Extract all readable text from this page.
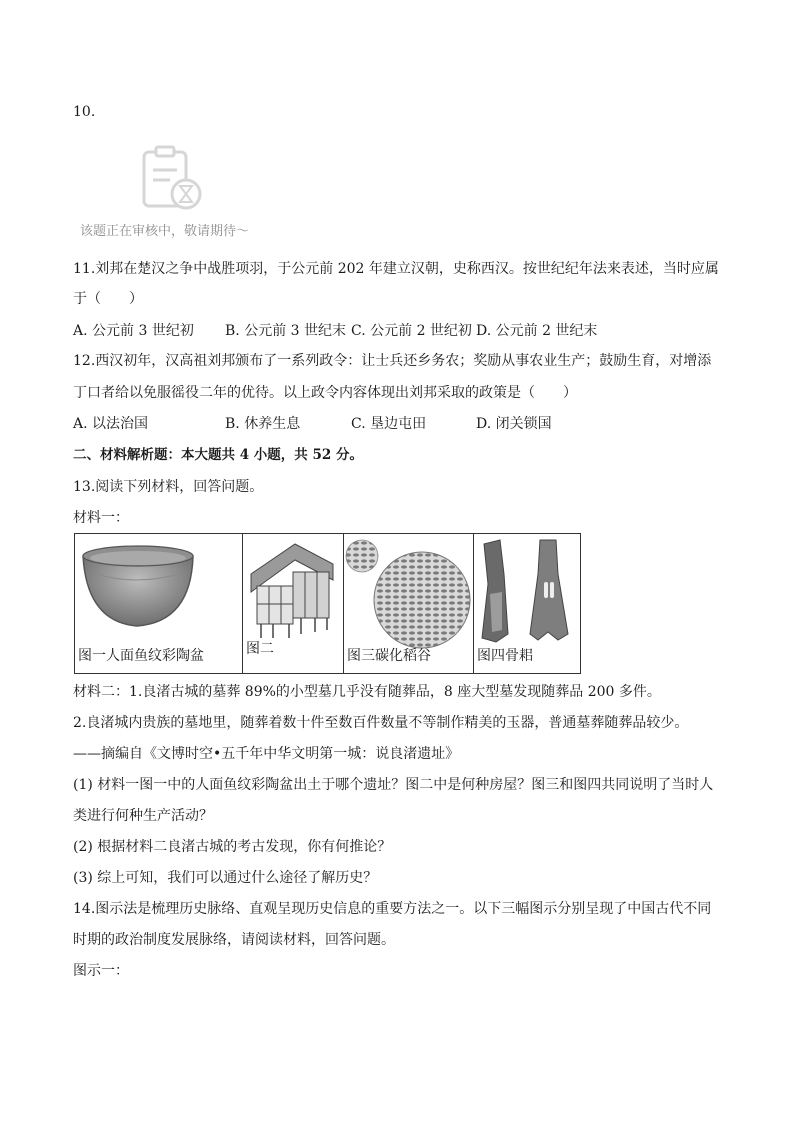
10.
该题正在审核中，敬请期待～
11.刘邦在楚汉之争中战胜项羽，于公元前 202 年建立汉朝，史称西汉。按世纪纪年法来表述，当时应属
于（　　）
A. 公元前 3 世纪初 B. 公元前 3 世纪末 C. 公元前 2 世纪初 D. 公元前 2 世纪末
12.西汉初年，汉高祖刘邦颁布了一系列政令：让士兵还乡务农；奖励从事农业生产；鼓励生育，对增添
丁口者给以免服徭役二年的优待。以上政令内容体现出刘邦采取的政策是（　　）
A. 以法治国	B. 休养生息	C. 垦边屯田	D. 闭关锁国
二、材料解析题：本大题共 4 小题，共 52 分。
13.阅读下列材料，回答问题。
材料一：
图一人面鱼纹彩陶盆	图二	图三碳化稻谷	图四骨耜
材料二：1.良渚古城的墓葬 89%的小型墓几乎没有随葬品，8 座大型墓发现随葬品 200 多件。
2.良渚城内贵族的墓地里，随葬着数十件至数百件数量不等制作精美的玉器，普通墓葬随葬品较少。
——摘编自《文博时空•五千年中华文明第一城：说良渚遗址》
(1) 材料一图一中的人面鱼纹彩陶盆出土于哪个遗址？图二中是何种房屋？图三和图四共同说明了当时人
类进行何种生产活动？
(2) 根据材料二良渚古城的考古发现，你有何推论？
(3) 综上可知，我们可以通过什么途径了解历史？
14.图示法是梳理历史脉络、直观呈现历史信息的重要方法之一。以下三幅图示分别呈现了中国古代不同
时期的政治制度发展脉络，请阅读材料，回答问题。
图示一：
